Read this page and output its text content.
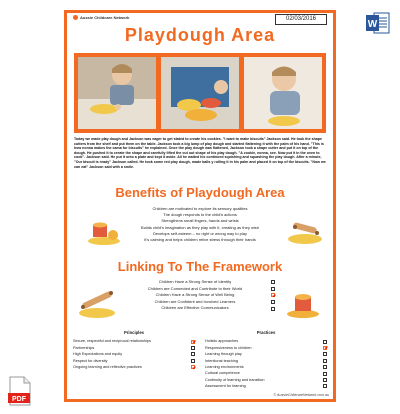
W
Aussie Childcare Network	02/03/2016
Playdough Area
Today we made play dough and Jackson was eager to get stated to create his cookies. "I want to make biscuits" Jackson said. He took the shape cutters from the shelf and put them on the table. Jackson took a big lump of play dough and started flattening it with the palm of his hand. "This is how nonna makes the cama for biscuits" he explained. Once the play dough was flattened, Jackson took a shape cutter and put it on top of the dough. He pushed it to create the shape and carefully lifted the cut out shape of his play dough. "A cookie, nonna, see. Now put it in the oven to cook". Jackson said. He put it onto a plate and kept it aside. All he waited his continued squishing and squashing the play dough. After a minute, "Our biscuit is ready" Jackson called. He took some red play dough, made balls y rolling it in his palm and placed it on top of the biscuits. "Now we can eat" Jackson said with a smile.
Benefits of Playdough Area
Children are motivated to explore its sensory qualities
The dough responds to the child's actions
Strengthens small fingers, hands and wrists
Builds child's imagination as they play with it, creating as they wish
Develops self-esteem – no right or wrong way to play
It's calming and helps children relive stress through their hands
Linking To The Framework
Children Have a Strong Sense of Identity
Children are Connected and Contribute to their World
Children Have a Strong Sense of Well Being
Children are Confident and Involved Learners
Children are Effective Communicators
Principles
Secure, respectful and reciprocal relationships
Partnerships
High Expectations and equity
Respect for diversity
Ongoing learning and reflective practices
Practices
Holistic approaches
Responsiveness to children
Learning through play
Intentional teaching
Learning environments
Cultural competence
Continuity of learning and transition
Assessment for learning
© AussieChildcareNetwork.com.au
PDF
